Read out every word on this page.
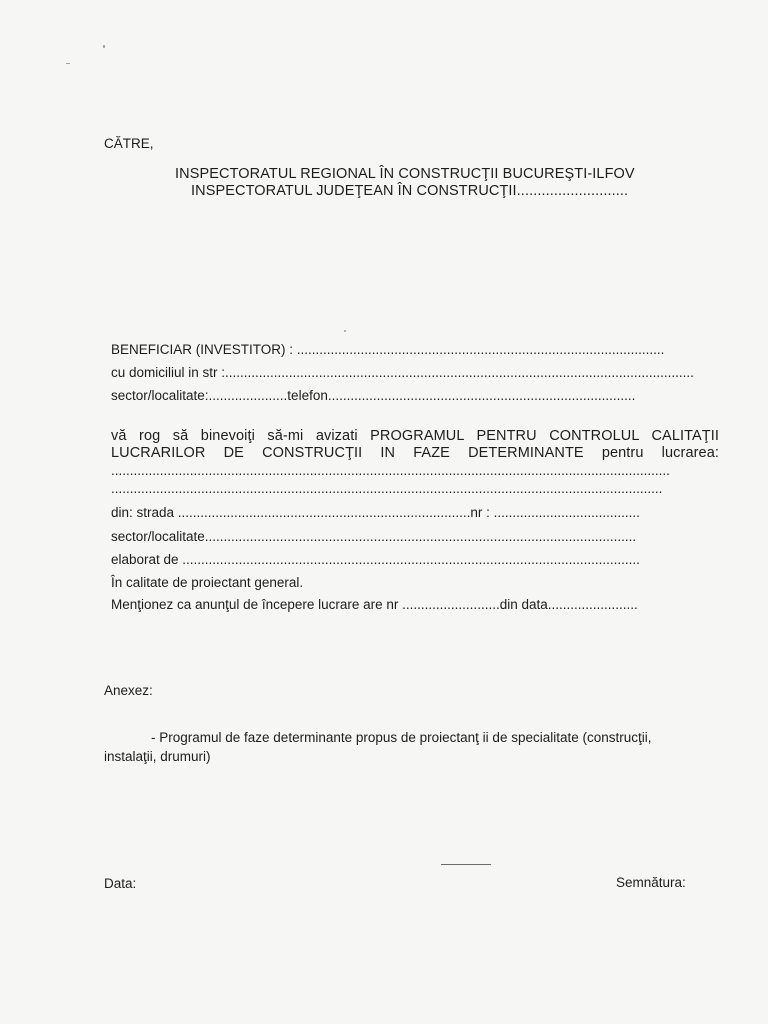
CĂTRE,
INSPECTORATUL REGIONAL ÎN CONSTRUCŢII BUCUREŞTI-ILFOV
INSPECTORATUL JUDEŢEAN ÎN CONSTRUCŢII...........................
BENEFICIAR (INVESTITOR) : ..................................................................................................
cu domiciliul in str :.............................................................................................................................
sector/localitate:.....................telefon..................................................................................
vă rog să binevoiţi să-mi avizati PROGRAMUL PENTRU CONTROLUL CALITAŢII
LUCRARILOR DE CONSTRUCŢII IN FAZE DETERMINANTE pentru lucrarea:
.....................................................................................................................................................
...................................................................................................................................................
din: strada ..............................................................................nr : .......................................
sector/localitate...................................................................................................................
elaborat de ..........................................................................................................................
În calitate de proiectant general.
Menţionez ca anunţul de începere lucrare are nr ..........................din data........................
Anexez:
- Programul de faze determinante propus de proiectanţ ii de specialitate (construcţii,
instalaţii, drumuri)
Data:	Semnătura:
